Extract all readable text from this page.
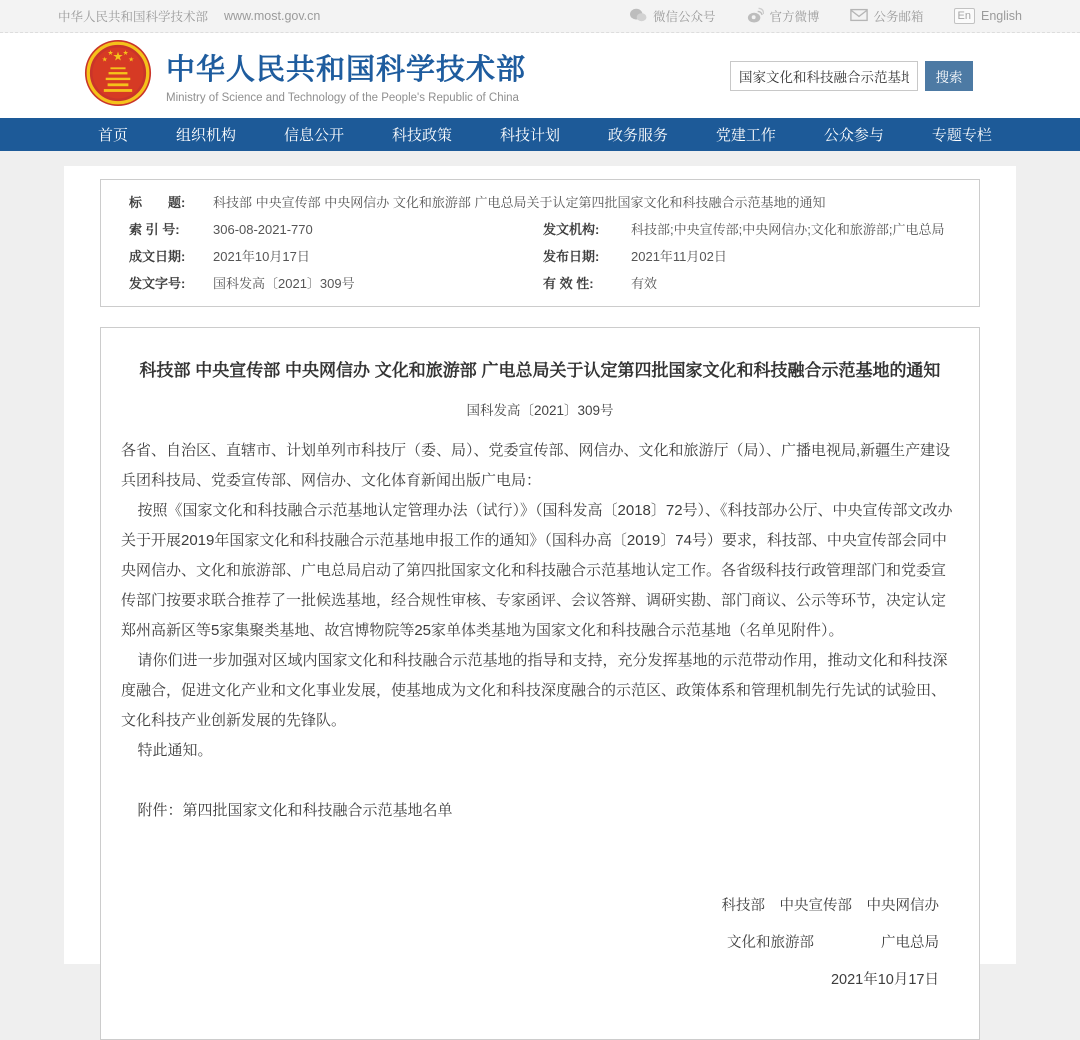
中华人民共和国科学技术部 www.most.gov.cn	微信公众号	官方微博	公务邮箱	En English
★
★
★ ★
★ 中华人民共和国科学技术部
Ministry of Science and Technology of the People's Republic of China
国家文化和科技融合示范基地
搜索
首页	组织机构	信息公开	科技政策	科技计划	政务服务	党建工作	公众参与	专题专栏
标　　题:	科技部 中央宣传部 中央网信办 文化和旅游部 广电总局关于认定第四批国家文化和科技融合示范基地的通知
索 引 号:	306-08-2021-770	发文机构:	科技部;中央宣传部;中央网信办;文化和旅游部;广电总局
成文日期:	2021年10月17日	发布日期:	2021年11月02日
发文字号:	国科发高〔2021〕309号	有 效 性:	有效
科技部 中央宣传部 中央网信办 文化和旅游部 广电总局关于认定第四批国家文化和科技融合示范基地的通知
国科发高〔2021〕309号

各省、自治区、直辖市、计划单列市科技厅（委、局）、党委宣传部、网信办、文化和旅游厅（局）、广播电视局,新疆生产建设兵团科技局、党委宣传部、网信办、文化体育新闻出版广电局：

按照《国家文化和科技融合示范基地认定管理办法（试行）》（国科发高〔2018〕72号）、《科技部办公厅、中央宣传部文改办关于开展2019年国家文化和科技融合示范基地申报工作的通知》（国科办高〔2019〕74号）要求，科技部、中央宣传部会同中央网信办、文化和旅游部、广电总局启动了第四批国家文化和科技融合示范基地认定工作。各省级科技行政管理部门和党委宣传部门按要求联合推荐了一批候选基地，经合规性审核、专家函评、会议答辩、调研实勘、部门商议、公示等环节，决定认定郑州高新区等5家集聚类基地、故宫博物院等25家单体类基地为国家文化和科技融合示范基地（名单见附件）。

请你们进一步加强对区域内国家文化和科技融合示范基地的指导和支持，充分发挥基地的示范带动作用，推动文化和科技深度融合，促进文化产业和文化事业发展，使基地成为文化和科技深度融合的示范区、政策体系和管理机制先行先试的试验田、文化科技产业创新发展的先锋队。

特此通知。

附件：第四批国家文化和科技融合示范基地名单
科技部　中央宣传部　中央网信办
文化和旅游部	广电总局
2021年10月17日
